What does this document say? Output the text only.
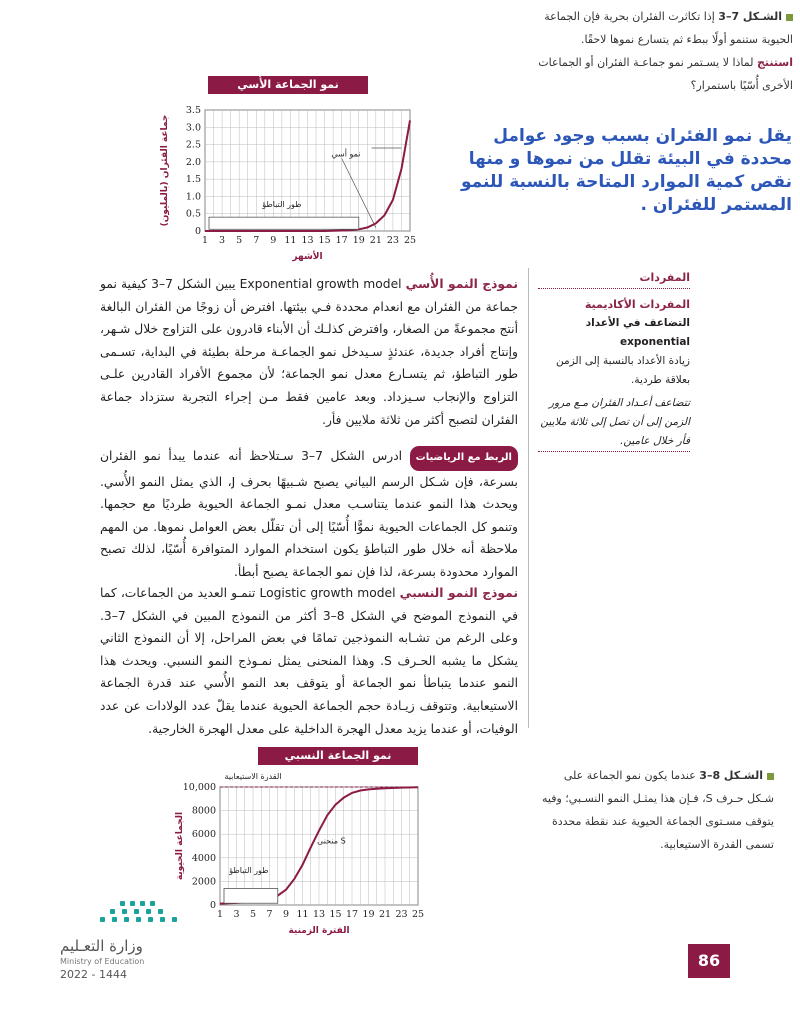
الشـكل 7–3 إذا تكاثرت الفئران بحرية فإن الجماعة الحيوية ستنمو أولًا ببطء ثم يتسارع نموها لاحقًا.
استنتج لماذا لا يسـتمر نمو جماعـة الفئران أو الجماعات الأخرى أُسّيًا باستمرار؟
يقل نمو الفئران بسبب وجود عوامل محددة في البيئة تقلل من نموها و منها نقص كمية الموارد المتاحة بالنسبة للنمو المستمر للفئران .
نمو الجماعة الأُسي
1 3 5 7 9 11 13 15 17 19 21 23 25
0
0.5
1.0
1.5
2.0
2.5
3.0
3.5
الأشهر
جماعة الفئران (بالمليون)	طور التباطؤ
نمو أسي
نموذج النمو الأُسي Exponential growth model يبين الشكل 7–3 كيفية نمو جماعة من الفئران مع انعدام محددة فـي بيئتها. افترض أن زوجًا من الفئران البالغة أنتج مجموعةً من الصغار، وافترض كذلـك أن الأبناء قادرون على التزاوج خلال شـهر، وإنتاج أفراد جديدة، عندئذٍ سـيدخل نمو الجماعـة مرحلة بطيئة في البداية، تسـمى طور التباطؤ، ثم يتسـارع معدل نمو الجماعة؛ لأن مجموع الأفراد القادرين علـى التزاوج والإنجاب سـيزداد. وبعد عامين فقط مـن إجراء التجربة ستزداد جماعة الفئران لتصبح أكثر من ثلاثة ملايين فأر.
المفردات
المفردات الأكاديمية
التضاعف في الأعداد exponential
زيادة الأعداد بالنسبة إلى الزمن بعلاقة طردية.
تتضاعف أعـداد الفئران مـع مرور الزمن إلى أن تصل إلى ثلاثة ملايين فأر خلال عامين.
الربط مع الرياضيات ادرس الشكل 7–3 سـتلاحظ أنه عندما يبدأ نمو الفئران بسرعة، فإن شـكل الرسم البياني يصبح شـبيهًا بحرف J، الذي يمثل النمو الأُسي. ويحدث هذا النمو عندما يتناسـب معدل نمـو الجماعة الحيوية طرديًا مع حجمها. وتنمو كل الجماعات الحيوية نموًّا أُسّيًا إلى أن تقلّل بعض العوامل نموها. من المهم ملاحظة أنه خلال طور التباطؤ يكون استخدام الموارد المتوافرة أُسّيًا، لذلك تصبح الموارد محدودة بسرعة، لذا فإن نمو الجماعة يصبح أبطأ.
نموذج النمو النسبي Logistic growth model تنمـو العديد من الجماعات، كما في النموذج الموضح في الشكل 8–3 أكثر من النموذج المبين في الشكل 7–3. وعلى الرغم من تشـابه النموذجين تمامًا في بعض المراحل، إلا أن النموذج الثاني يشكل ما يشبه الحـرف S. وهذا المنحنى يمثل نمـوذج النمو النسبي. ويحدث هذا النمو عندما يتباطأ نمو الجماعة أو يتوقف بعد النمو الأُسي عند قدرة الجماعة الاستيعابية. وتتوقف زيـادة حجم الجماعة الحيوية عندما يقلّ عدد الولادات عن عدد الوفيات، أو عندما يزيد معدل الهجرة الداخلية على معدل الهجرة الخارجية.
نمو الجماعة النسبي
1 3 5 7 9 11 13 15 17 19 21 23 25
0
2000
4000
6000
8000
10,000
الفترة الزمنية
الجماعة الحيوية
القدرة الاستيعابية
منحنى S
طور التباطؤ
الشـكل 8–3 عندما يكون نمو الجماعة على شـكل حـرف S، فـإن هذا يمثـل النمو النسـبي؛ وفيه يتوقف مسـتوى الجماعة الحيوية عند نقطة محددة تسمى القدرة الاستيعابية.
وزارة التعـليم
Ministry of Education
2022 - 1444
86
